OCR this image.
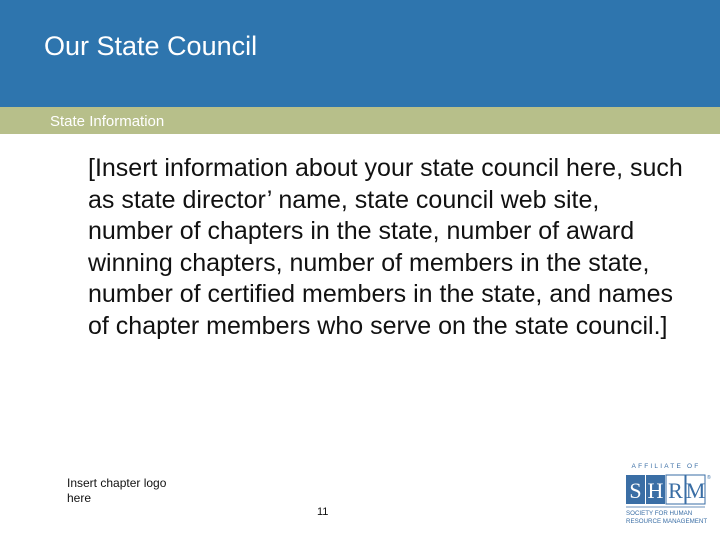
Our State Council
State Information
[Insert information about your state council here, such as state director’ name, state council web site, number of chapters in the state, number of award winning chapters, number of members in the state, number of certified members in the state, and names of chapter members who serve on the state council.]
Insert chapter logo here
11
AFFILIATE OF
S H R M ®
SOCIETY FOR HUMAN
RESOURCE MANAGEMENT
